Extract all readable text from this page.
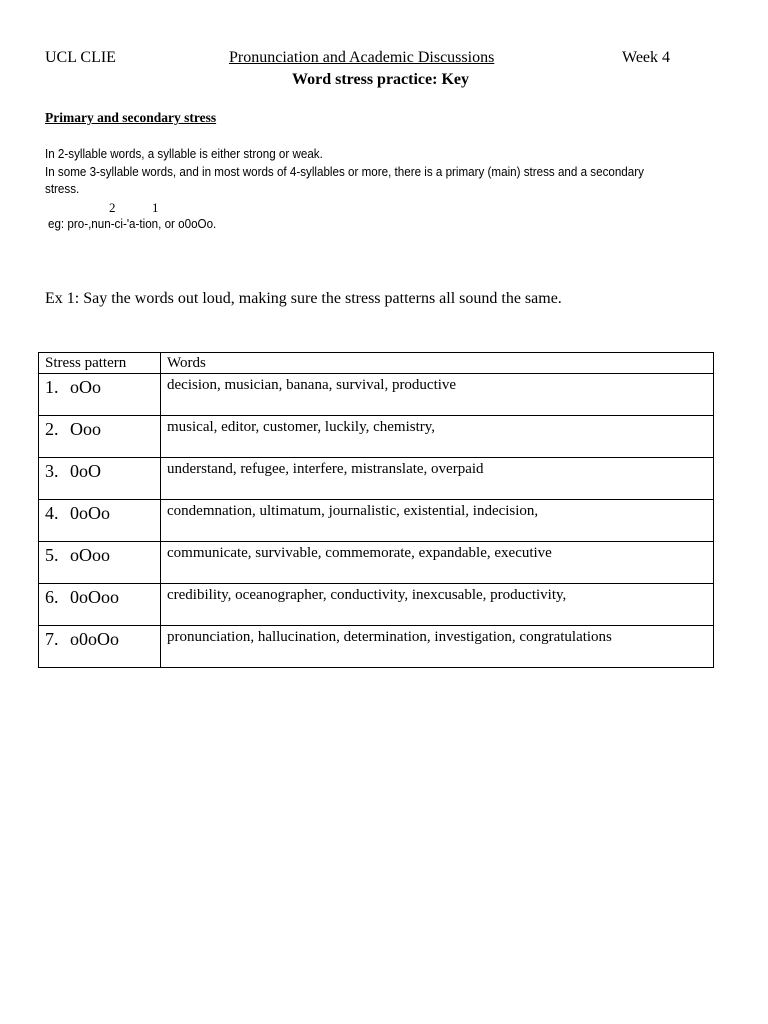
UCL CLIE	Pronunciation and Academic Discussions	Week 4
Word stress practice: Key
Primary and secondary stress

In 2-syllable words, a syllable is either strong or weak.

In some 3-syllable words, and in most words of 4-syllables or more, there is a primary (main) stress and a secondary stress.

2	1
eg: pro-,nun-ci-'a-tion, or o0oOo.
Ex 1: Say the words out loud, making sure the stress patterns all sound the same.
Stress pattern	Words
1. oOo	decision, musician, banana, survival, productive
2. Ooo	musical, editor, customer, luckily, chemistry,
3. 0oO	understand, refugee, interfere, mistranslate, overpaid
4. 0oOo	condemnation, ultimatum, journalistic, existential, indecision,
5. oOoo	communicate, survivable, commemorate, expandable, executive
6. 0oOoo	credibility, oceanographer, conductivity, inexcusable, productivity,
7. o0oOo	pronunciation, hallucination, determination, investigation, congratulations
